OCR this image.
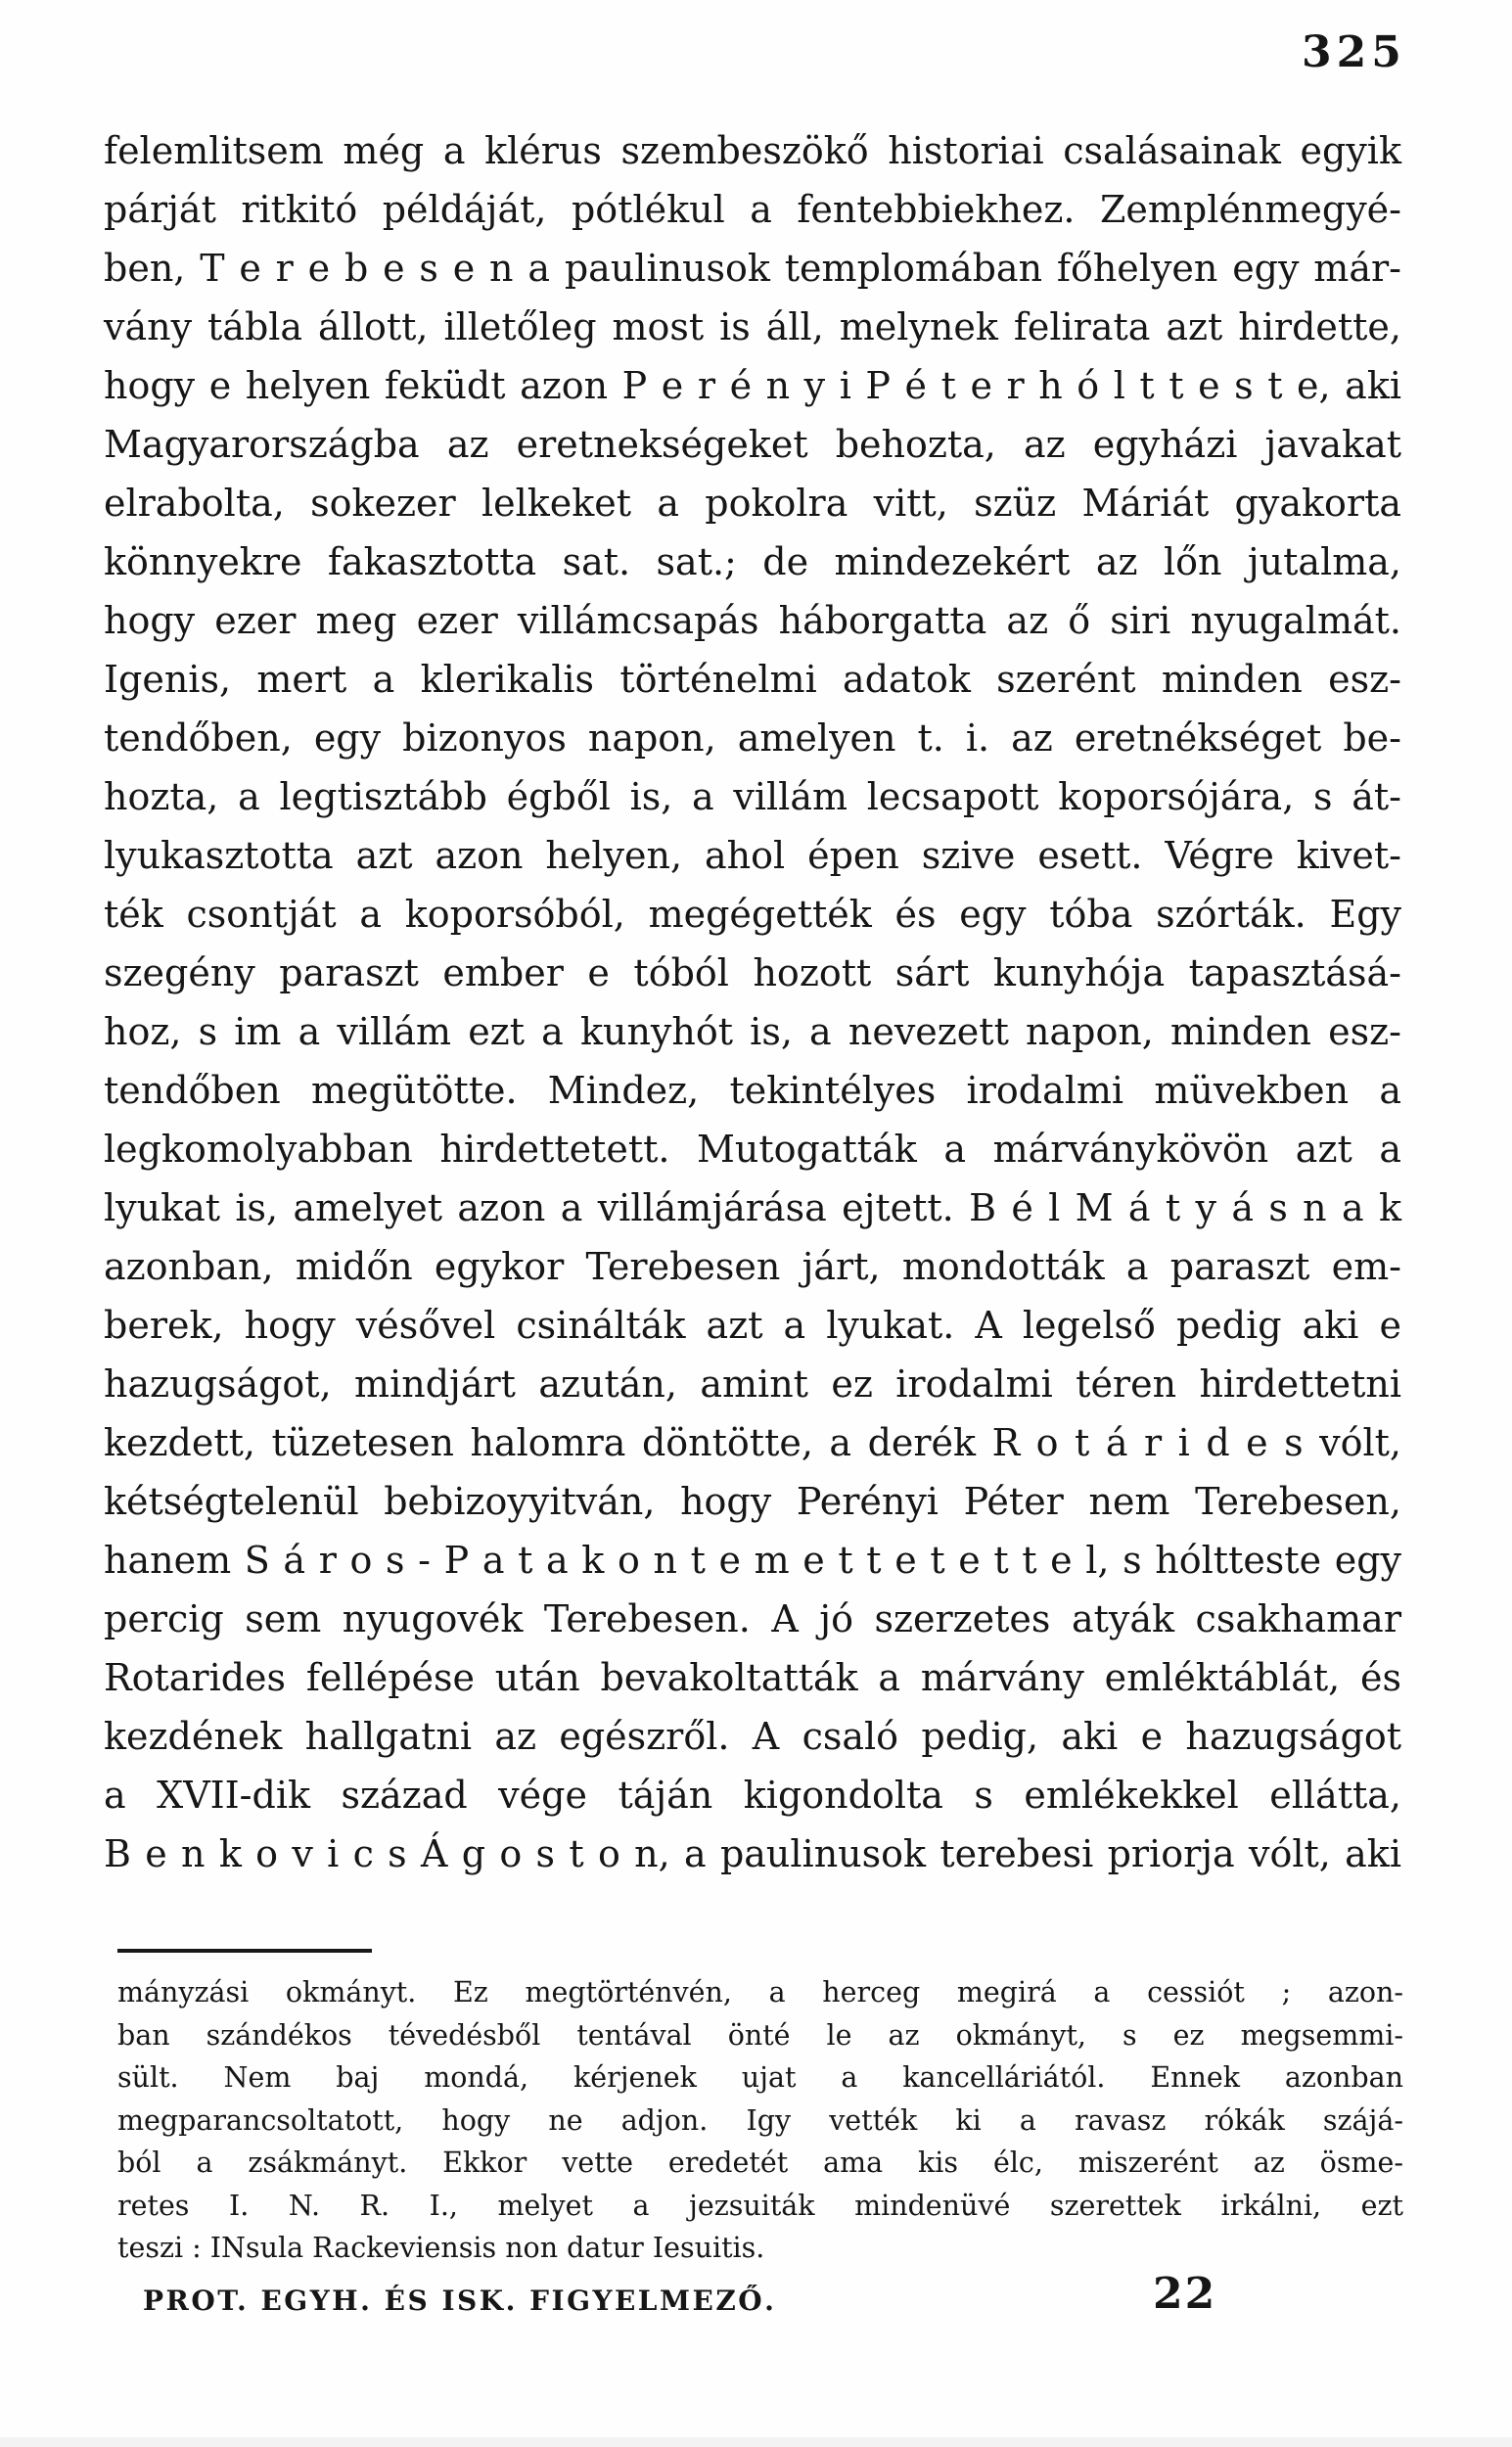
325
felemlitsem még a klérus szembeszökő historiai csalásainak egyik
párját ritkitó példáját, pótlékul a fentebbiekhez. Zemplénmegyé-
ben, T e r e b e s e n a paulinusok templomában főhelyen egy már-
vány tábla állott, illetőleg most is áll, melynek felirata azt hirdette,
hogy e helyen feküdt azon P e r é n y i P é t e r h ó l t t e s t e, aki
Magyarországba az eretnekségeket behozta, az egyházi javakat
elrabolta, sokezer lelkeket a pokolra vitt, szüz Máriát gyakorta
könnyekre fakasztotta sat. sat.; de mindezekért az lőn jutalma,
hogy ezer meg ezer villámcsapás háborgatta az ő siri nyugalmát.
Igenis, mert a klerikalis történelmi adatok szerént minden esz-
tendőben, egy bizonyos napon, amelyen t. i. az eretnékséget be-
hozta, a legtisztább égből is, a villám lecsapott koporsójára, s át-
lyukasztotta azt azon helyen, ahol épen szive esett. Végre kivet-
ték csontját a koporsóból, megégették és egy tóba szórták. Egy
szegény paraszt ember e tóból hozott sárt kunyhója tapasztásá-
hoz, s im a villám ezt a kunyhót is, a nevezett napon, minden esz-
tendőben megütötte. Mindez, tekintélyes irodalmi müvekben a
legkomolyabban hirdettetett. Mutogatták a márványkövön azt a
lyukat is, amelyet azon a villámjárása ejtett. B é l M á t y á s n a k
azonban, midőn egykor Terebesen járt, mondották a paraszt em-
berek, hogy vésővel csinálták azt a lyukat. A legelső pedig aki e
hazugságot, mindjárt azután, amint ez irodalmi téren hirdettetni
kezdett, tüzetesen halomra döntötte, a derék R o t á r i d e s vólt,
kétségtelenül bebizoyyitván, hogy Perényi Péter nem Terebesen,
hanem S á r o s - P a t a k o n t e m e t t e t e t t e l, s hóltteste egy
percig sem nyugovék Terebesen. A jó szerzetes atyák csakhamar
Rotarides fellépése után bevakoltatták a márvány emléktáblát, és
kezdének hallgatni az egészről. A csaló pedig, aki e hazugságot
a XVII-dik század vége táján kigondolta s emlékekkel ellátta,
B e n k o v i c s Á g o s t o n, a paulinusok terebesi priorja vólt, aki
mányzási okmányt. Ez megtörténvén, a herceg megirá a cessiót ; azon-
ban szándékos tévedésből tentával önté le az okmányt, s ez megsemmi-
sült. Nem baj mondá, kérjenek ujat a kancelláriától. Ennek azonban
megparancsoltatott, hogy ne adjon. Igy vették ki a ravasz rókák szájá-
ból a zsákmányt. Ekkor vette eredetét ama kis élc, miszerént az ösme-
retes I. N. R. I., melyet a jezsuiták mindenüvé szerettek irkálni, ezt
teszi : INsula Rackeviensis non datur Iesuitis.
PROT. EGYH. ÉS ISK. FIGYELMEZŐ.	22
